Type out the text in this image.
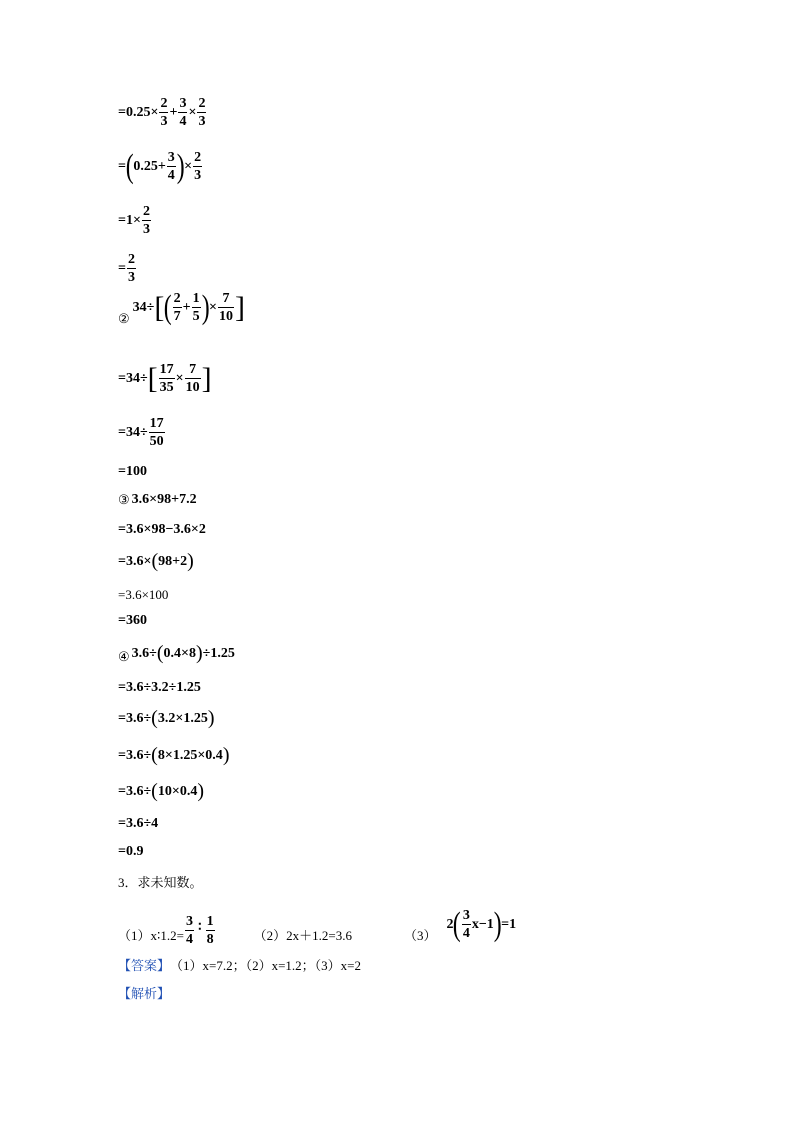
$=0.25\times \frac{2}{3} + \frac{3}{4} \times \frac{2}{3}$
= ( $0.25+ \frac{3}{4}$ ) × $\frac{2}{3}$
$=1\times \frac{2}{3}$
= $\frac{2}{3}$
②
34÷ [ ( $\frac{2}{7} + \frac{1}{5}$ ) × $\frac{7}{10}$ ]
=34÷ [ $\frac{17}{35} \times \frac{7}{10}$ ]
$=34\div \frac{17}{50}$
=100
③ 3.6×98+7.2
=3.6×98−3.6×2
=3.6× ( 98+2 )
=3.6×100
=360
④ 3.6÷ ( 0.4×8 ) ÷1.25
=3.6÷3.2÷1.25
=3.6÷ ( 3.2×1.25 )
=3.6÷ ( 8×1.25×0.4 )
=3.6÷ ( 10×0.4 )
=3.6÷4
=0.9
3．求未知数。
（1）x∶1.2= $\frac{3}{4}$ ∶ $\frac{1}{8}$	（2）2x＋1.2=3.6	（3）
2 ( $\frac{3}{4} x-1$ ) =1
【答案】 （1）x=7.2；（2）x=1.2；（3）x=2
【解析】
